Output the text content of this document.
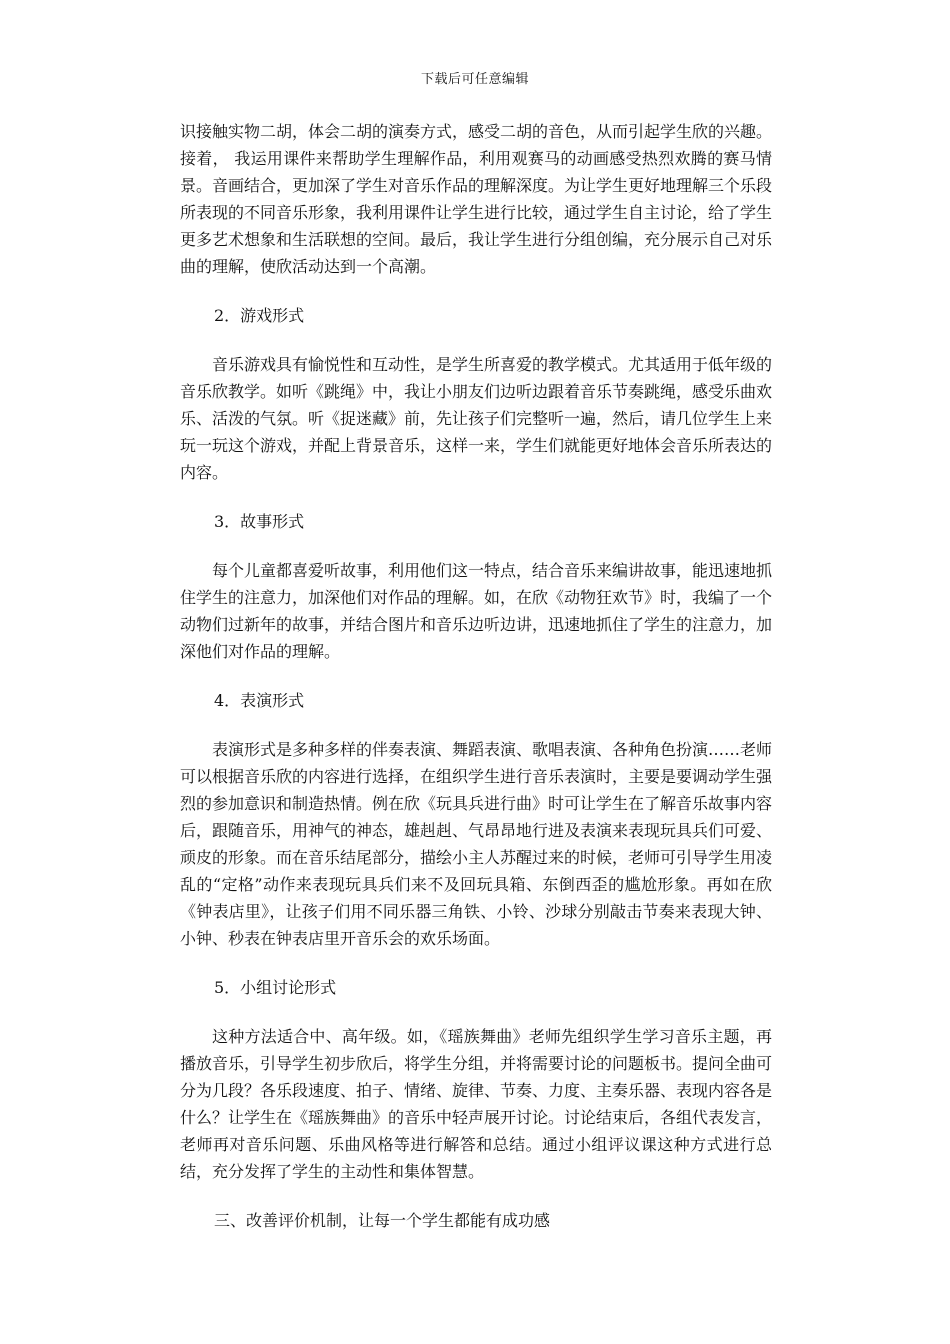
下载后可任意编辑

识接触实物二胡，体会二胡的演奏方式，感受二胡的音色，从而引起学生欣的兴趣。接着， 我运用课件来帮助学生理解作品，利用观赛马的动画感受热烈欢腾的赛马情景。音画结合，更加深了学生对音乐作品的理解深度。为让学生更好地理解三个乐段所表现的不同音乐形象，我利用课件让学生进行比较，通过学生自主讨论，给了学生更多艺术想象和生活联想的空间。最后，我让学生进行分组创编，充分展示自己对乐曲的理解，使欣活动达到一个高潮。

2．游戏形式

音乐游戏具有愉悦性和互动性，是学生所喜爱的教学模式。尤其适用于低年级的音乐欣教学。如听《跳绳》中，我让小朋友们边听边跟着音乐节奏跳绳，感受乐曲欢乐、活泼的气氛。听《捉迷藏》前，先让孩子们完整听一遍，然后，请几位学生上来玩一玩这个游戏，并配上背景音乐，这样一来，学生们就能更好地体会音乐所表达的内容。

3．故事形式

每个儿童都喜爱听故事，利用他们这一特点，结合音乐来编讲故事，能迅速地抓住学生的注意力，加深他们对作品的理解。如，在欣《动物狂欢节》时，我编了一个动物们过新年的故事，并结合图片和音乐边听边讲，迅速地抓住了学生的注意力，加深他们对作品的理解。

4．表演形式

表演形式是多种多样的伴奏表演、舞蹈表演、歌唱表演、各种角色扮演……老师可以根据音乐欣的内容进行选择，在组织学生进行音乐表演时，主要是要调动学生强烈的参加意识和制造热情。例在欣《玩具兵进行曲》时可让学生在了解音乐故事内容后，跟随音乐，用神气的神态，雄赳赳、气昂昂地行进及表演来表现玩具兵们可爱、顽皮的形象。而在音乐结尾部分，描绘小主人苏醒过来的时候，老师可引导学生用凌乱的“定格”动作来表现玩具兵们来不及回玩具箱、东倒西歪的尴尬形象。再如在欣《钟表店里》，让孩子们用不同乐器三角铁、小铃、沙球分别敲击节奏来表现大钟、小钟、秒表在钟表店里开音乐会的欢乐场面。

5．小组讨论形式

这种方法适合中、高年级。如，《瑶族舞曲》老师先组织学生学习音乐主题，再播放音乐，引导学生初步欣后，将学生分组，并将需要讨论的问题板书。提问全曲可分为几段？各乐段速度、拍子、情绪、旋律、节奏、力度、主奏乐器、表现内容各是什么？让学生在《瑶族舞曲》的音乐中轻声展开讨论。讨论结束后，各组代表发言，老师再对音乐问题、乐曲风格等进行解答和总结。通过小组评议课这种方式进行总结，充分发挥了学生的主动性和集体智慧。

三、改善评价机制，让每一个学生都能有成功感
